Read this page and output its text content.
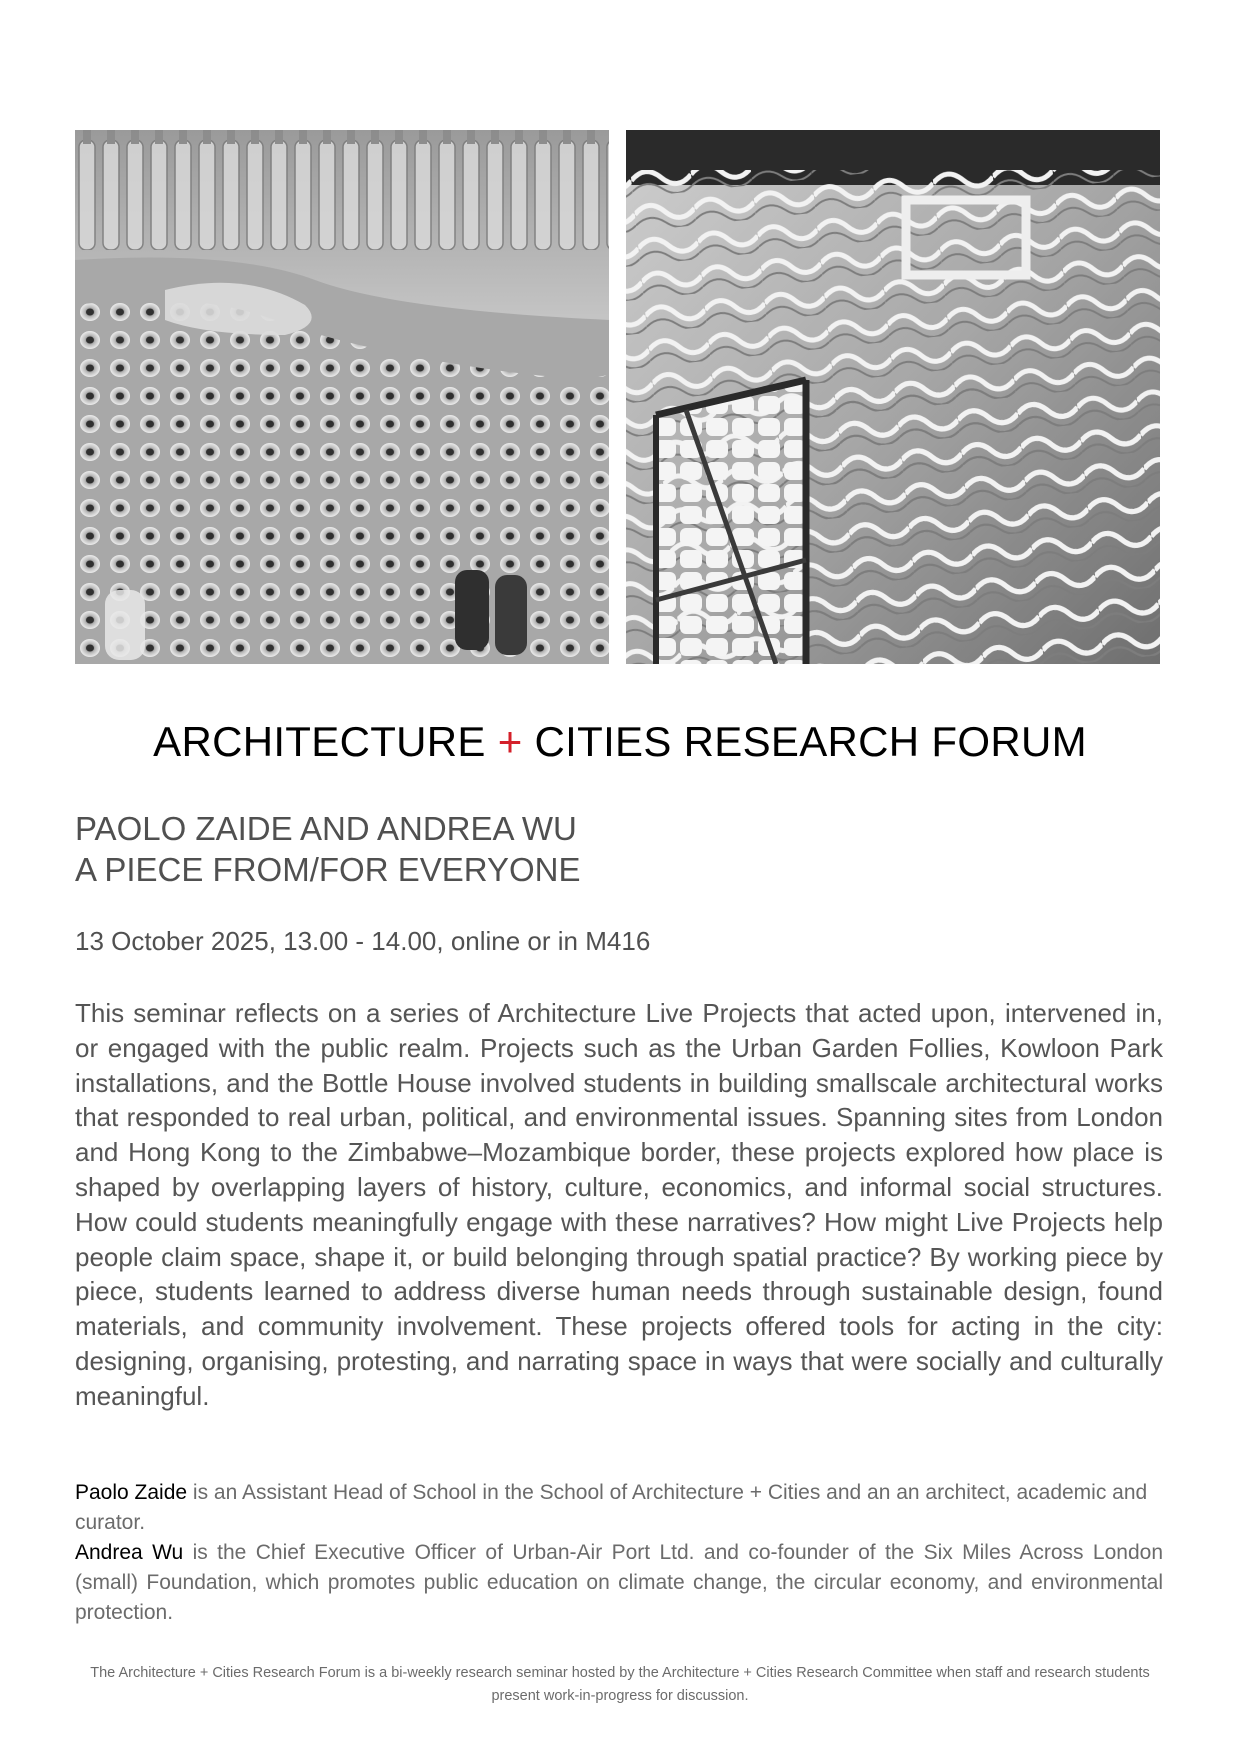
ARCHITECTURE + CITIES RESEARCH FORUM
PAOLO ZAIDE AND ANDREA WU
A PIECE FROM/FOR EVERYONE
13 October 2025, 13.00 - 14.00, online or in M416

This seminar reflects on a series of Architecture Live Projects that acted upon, intervened in, or engaged with the public realm. Projects such as the Urban Garden Follies, Kowloon Park installations, and the Bottle House involved students in building smallscale architectural works that responded to real urban, political, and environmental issues. Spanning sites from London and Hong Kong to the Zimbabwe–Mozambique border, these projects explored how place is shaped by overlapping layers of history, culture, economics, and informal social structures. How could students meaningfully engage with these narratives? How might Live Projects help people claim space, shape it, or build belonging through spatial practice? By working piece by piece, students learned to address diverse human needs through sustainable design, found materials, and community involvement. These projects offered tools for acting in the city: designing, organising, protesting, and narrating space in ways that were socially and culturally meaningful.

Paolo Zaide is an Assistant Head of School in the School of Architecture + Cities and an an architect, academic and curator.

Andrea Wu is the Chief Executive Officer of Urban-Air Port Ltd. and co-founder of the Six Miles Across London (small) Foundation, which promotes public education on climate change, the circular economy, and environmental protection.

The Architecture + Cities Research Forum is a bi-weekly research seminar hosted by the Architecture + Cities Research Committee when staff and research students present work-in-progress for discussion.
